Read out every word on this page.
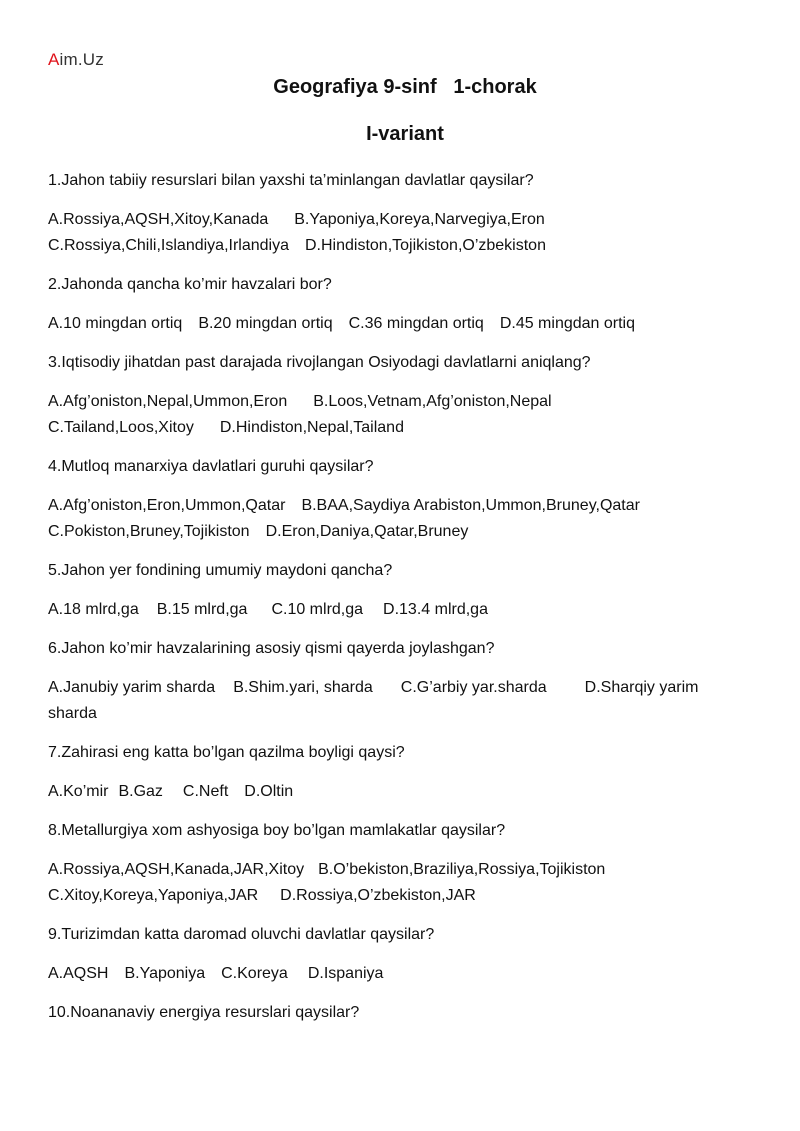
Aim.Uz
Geografiya 9-sinf   1-chorak
I-variant
1.Jahon tabiiy resurslari bilan yaxshi ta’minlangan davlatlar qaysilar?
A.Rossiya,AQSH,Xitoy,Kanada B.Yaponiya,Koreya,Narvegiya,Eron
C.Rossiya,Chili,Islandiya,Irlandiya D.Hindiston,Tojikiston,O’zbekiston
2.Jahonda qancha ko’mir havzalari bor?
A.10 mingdan ortiq B.20 mingdan ortiq C.36 mingdan ortiq D.45 mingdan ortiq
3.Iqtisodiy jihatdan past darajada rivojlangan Osiyodagi davlatlarni aniqlang?
A.Afg’oniston,Nepal,Ummon,Eron B.Loos,Vetnam,Afg’oniston,Nepal
C.Tailand,Loos,Xitoy D.Hindiston,Nepal,Tailand
4.Mutloq manarxiya davlatlari guruhi qaysilar?
A.Afg’oniston,Eron,Ummon,Qatar B.BAA,Saydiya Arabiston,Ummon,Bruney,Qatar
C.Pokiston,Bruney,Tojikiston D.Eron,Daniya,Qatar,Bruney
5.Jahon yer fondining umumiy maydoni qancha?
A.18 mlrd,ga B.15 mlrd,ga C.10 mlrd,ga D.13.4 mlrd,ga
6.Jahon ko’mir havzalarining asosiy qismi qayerda joylashgan?
A.Janubiy yarim sharda B.Shim.yari, sharda C.G’arbiy yar.sharda D.Sharqiy yarim
sharda
7.Zahirasi eng katta bo’lgan qazilma boyligi qaysi?
A.Ko’mir B.Gaz C.Neft D.Oltin
8.Metallurgiya xom ashyosiga boy bo’lgan mamlakatlar qaysilar?
A.Rossiya,AQSH,Kanada,JAR,Xitoy B.O’bekiston,Braziliya,Rossiya,Tojikiston
C.Xitoy,Koreya,Yaponiya,JAR D.Rossiya,O’zbekiston,JAR
9.Turizimdan katta daromad oluvchi davlatlar qaysilar?
A.AQSH B.Yaponiya C.Koreya D.Ispaniya
10.Noananaviy energiya resurslari qaysilar?
